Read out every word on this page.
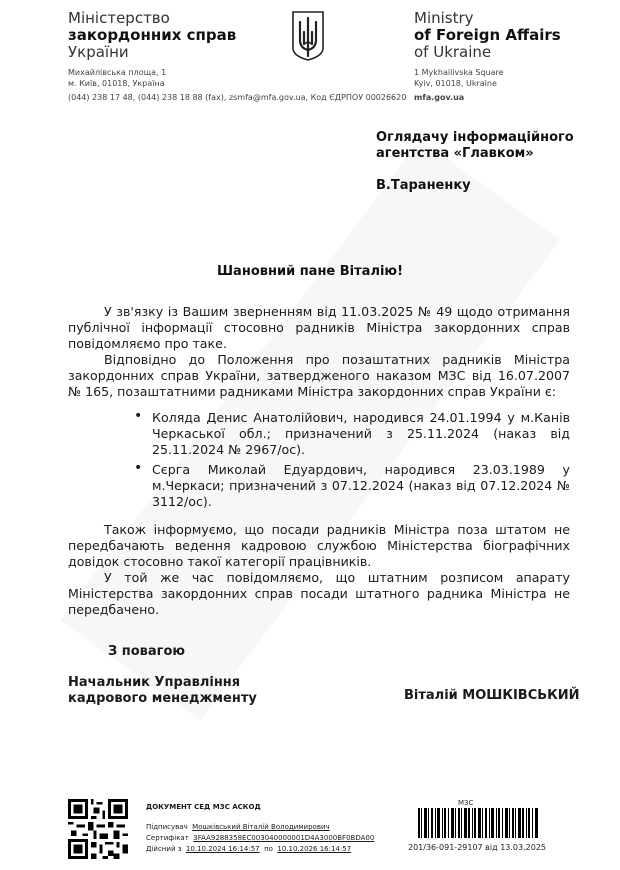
Міністерство
закордонних справ
України
Михайлівська площа, 1
м. Київ, 01018, Україна
(044) 238 17 48, (044) 238 18 88 (fax), zsmfa@mfa.gov.ua, Код ЄДРПОУ 00026620
Ministry
of Foreign Affairs
of Ukraine
1 Mykhailivska Square
Kyiv, 01018, Ukraine
mfa.gov.ua
Оглядачу інформаційного
агентства «Главком»
В.Тараненку
Шановний пане Віталію!

У зв'язку із Вашим зверненням від 11.03.2025 № 49 щодо отримання публічної інформації стосовно радників Міністра закордонних справ повідомляємо про таке.

Відповідно до Положення про позаштатних радників Міністра закордонних справ України, затвердженого наказом МЗС від 16.07.2007 № 165, позаштатними радниками Міністра закордонних справ України є:

• Коляда Денис Анатолійович, народився 24.01.1994 у м.Канів Черкаської обл.; призначений з 25.11.2024 (наказ від 25.11.2024 № 2967/ос).
• Сєрга Миколай Едуардович, народився 23.03.1989 у м.Черкаси; призначений з 07.12.2024 (наказ від 07.12.2024 № 3112/ос).

Також інформуємо, що посади радників Міністра поза штатом не передбачають ведення кадровою службою Міністерства біографічних довідок стосовно такої категорії працівників.

У той же час повідомляємо, що штатним розписом апарату Міністерства закордонних справ посади штатного радника Міністра не передбачено.

З повагою
Начальник Управління
кадрового менеджменту	Віталій МОШКІВСЬКИЙ
ДОКУМЕНТ СЕД МЗС АСКОД
Підписувач Мошківський Віталій Володимирович
Сертифікат 3FAA9288358EC003040000001D4A3000BF0BDA00
Дійсний з 10.10.2024 16:14:57 по 10.10.2026 16:14:57
МЗС
201/36-091-29107 від 13.03.2025
